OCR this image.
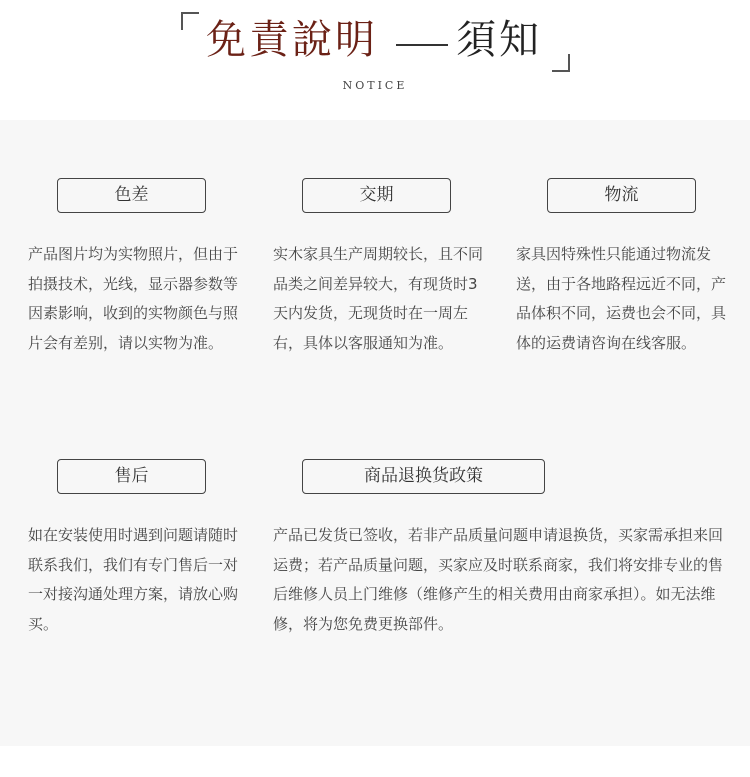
免責說明 須知
NOTICE
色差

产品图片均为实物照片，但由于拍摄技术，光线，显示器参数等因素影响，收到的实物颜色与照片会有差别，请以实物为准。

交期

实木家具生产周期较长，且不同品类之间差异较大，有现货时3天内发货，无现货时在一周左右，具体以客服通知为准。

物流

家具因特殊性只能通过物流发送，由于各地路程远近不同，产品体积不同，运费也会不同，具体的运费请咨询在线客服。

售后

如在安装使用时遇到问题请随时联系我们，我们有专门售后一对一对接沟通处理方案，请放心购买。

商品退换货政策

产品已发货已签收，若非产品质量问题申请退换货，买家需承担来回运费；若产品质量问题，买家应及时联系商家，我们将安排专业的售后维修人员上门维修（维修产生的相关费用由商家承担）。如无法维修，将为您免费更换部件。
